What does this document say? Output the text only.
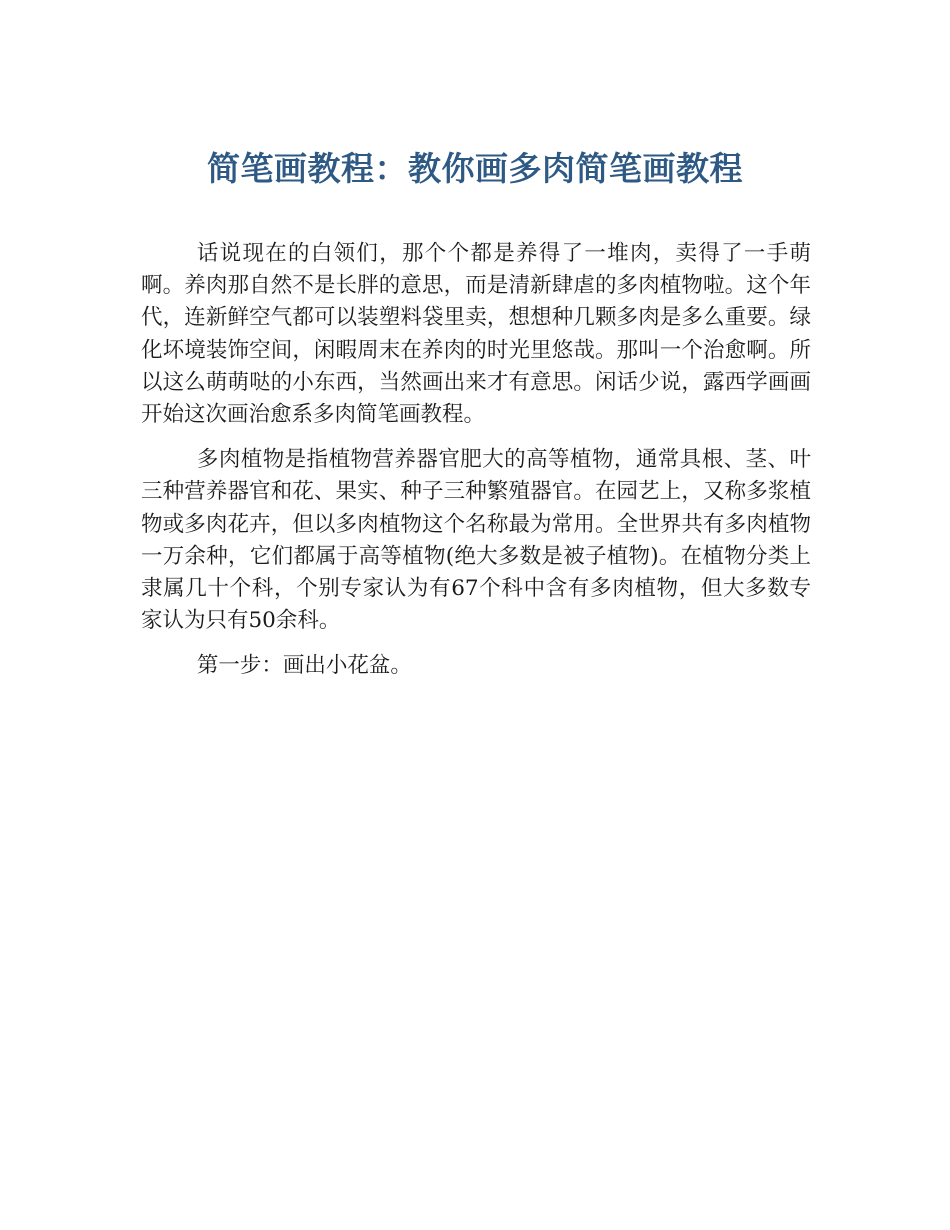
简笔画教程：教你画多肉简笔画教程

话说现在的白领们，那个个都是养得了一堆肉，卖得了一手萌啊。养肉那自然不是长胖的意思，而是清新肆虐的多肉植物啦。这个年代，连新鲜空气都可以装塑料袋里卖，想想种几颗多肉是多么重要。绿化坏境装饰空间，闲暇周末在养肉的时光里悠哉。那叫一个治愈啊。所以这么萌萌哒的小东西，当然画出来才有意思。闲话少说，露西学画画开始这次画治愈系多肉简笔画教程。

多肉植物是指植物营养器官肥大的高等植物，通常具根、茎、叶三种营养器官和花、果实、种子三种繁殖器官。在园艺上，又称多浆植物或多肉花卉，但以多肉植物这个名称最为常用。全世界共有多肉植物一万余种，它们都属于高等植物(绝大多数是被子植物)。在植物分类上隶属几十个科，个别专家认为有67个科中含有多肉植物，但大多数专家认为只有50余科。

第一步：画出小花盆。
